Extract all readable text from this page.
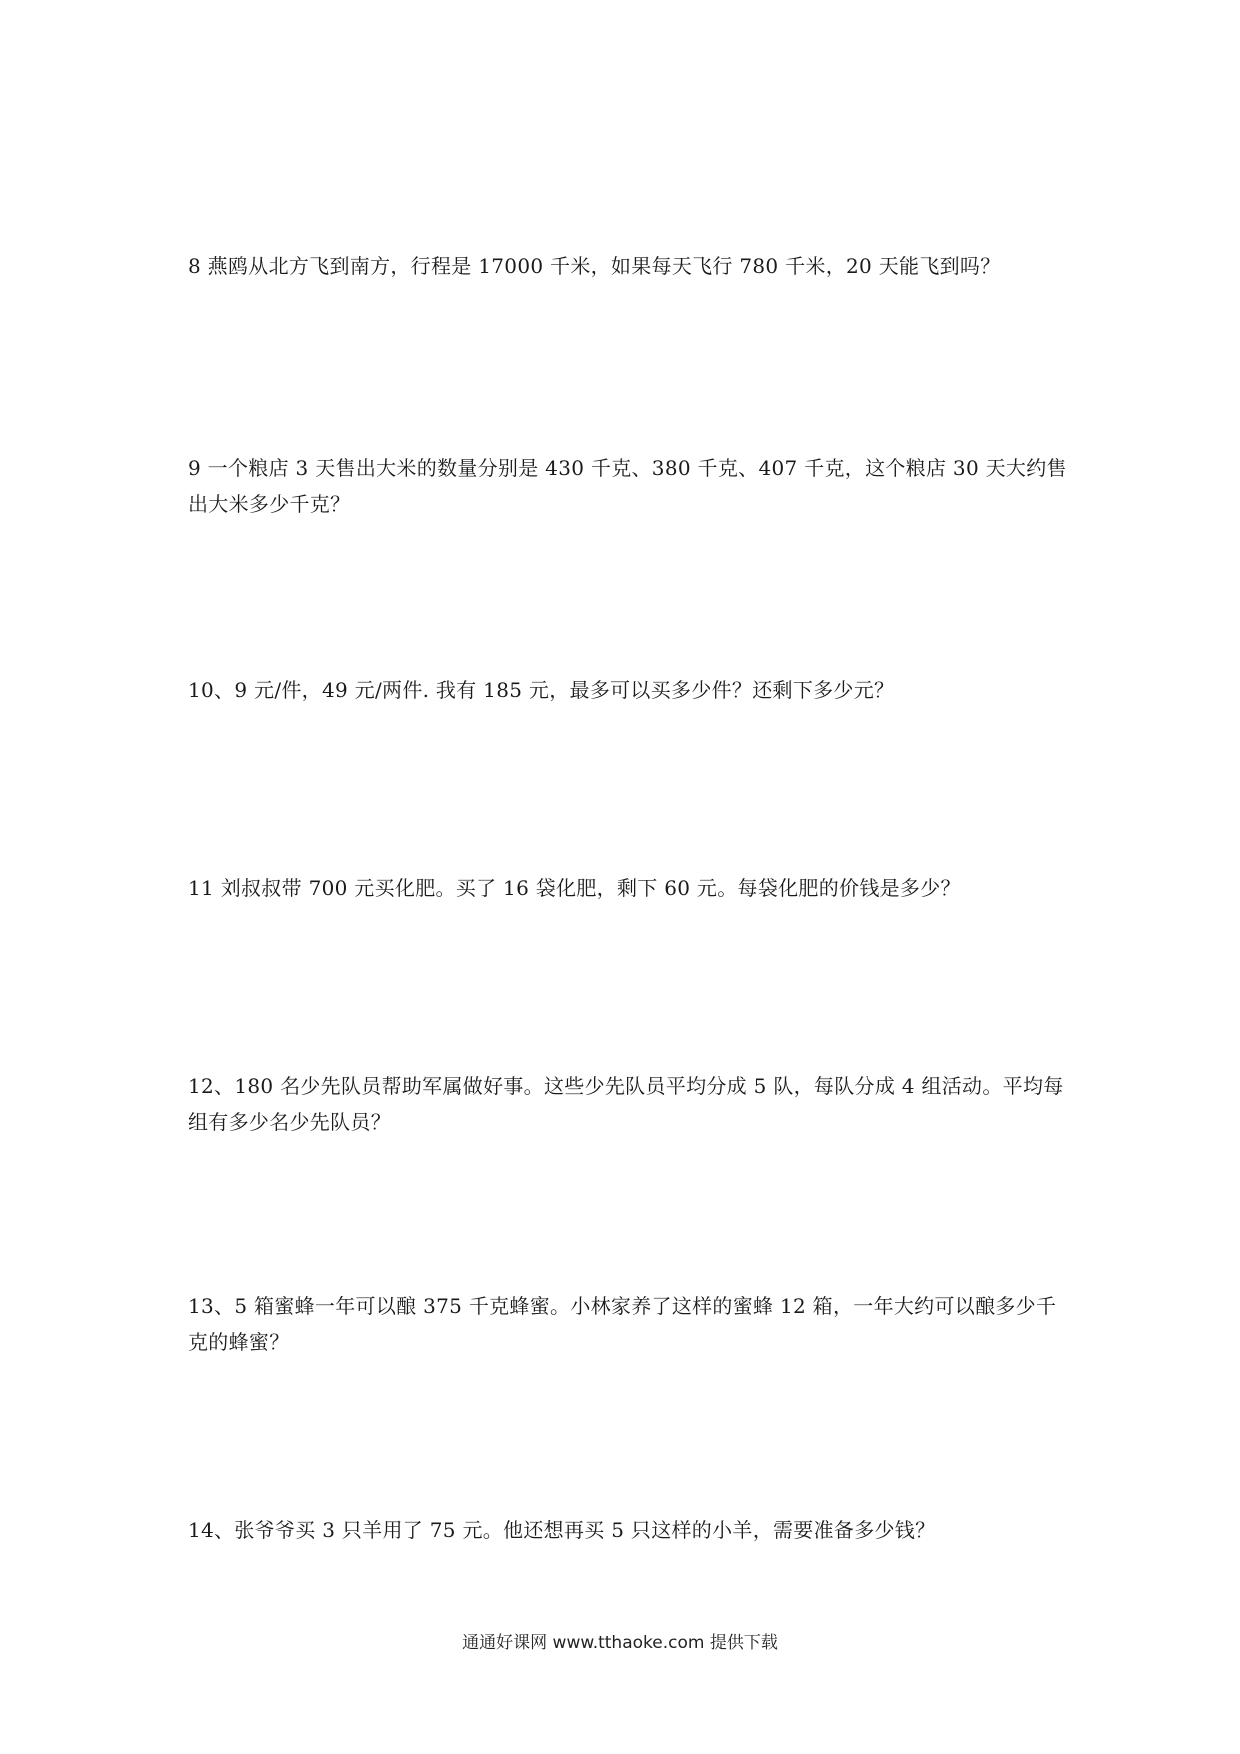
8 燕鸥从北方飞到南方，行程是 17000 千米，如果每天飞行 780 千米，20 天能飞到吗？
9 一个粮店 3 天售出大米的数量分别是 430 千克、380 千克、407 千克，这个粮店 30 天大约售出大米多少千克？
10、9 元/件，49 元/两件. 我有 185 元，最多可以买多少件？还剩下多少元？
11 刘叔叔带 700 元买化肥。买了 16 袋化肥，剩下 60 元。每袋化肥的价钱是多少？
12、180 名少先队员帮助军属做好事。这些少先队员平均分成 5 队，每队分成 4 组活动。平均每组有多少名少先队员？
13、5 箱蜜蜂一年可以酿 375 千克蜂蜜。小林家养了这样的蜜蜂 12 箱，一年大约可以酿多少千克的蜂蜜？
14、张爷爷买 3 只羊用了 75 元。他还想再买 5 只这样的小羊，需要准备多少钱？
通通好课网 www.tthaoke.com 提供下载
